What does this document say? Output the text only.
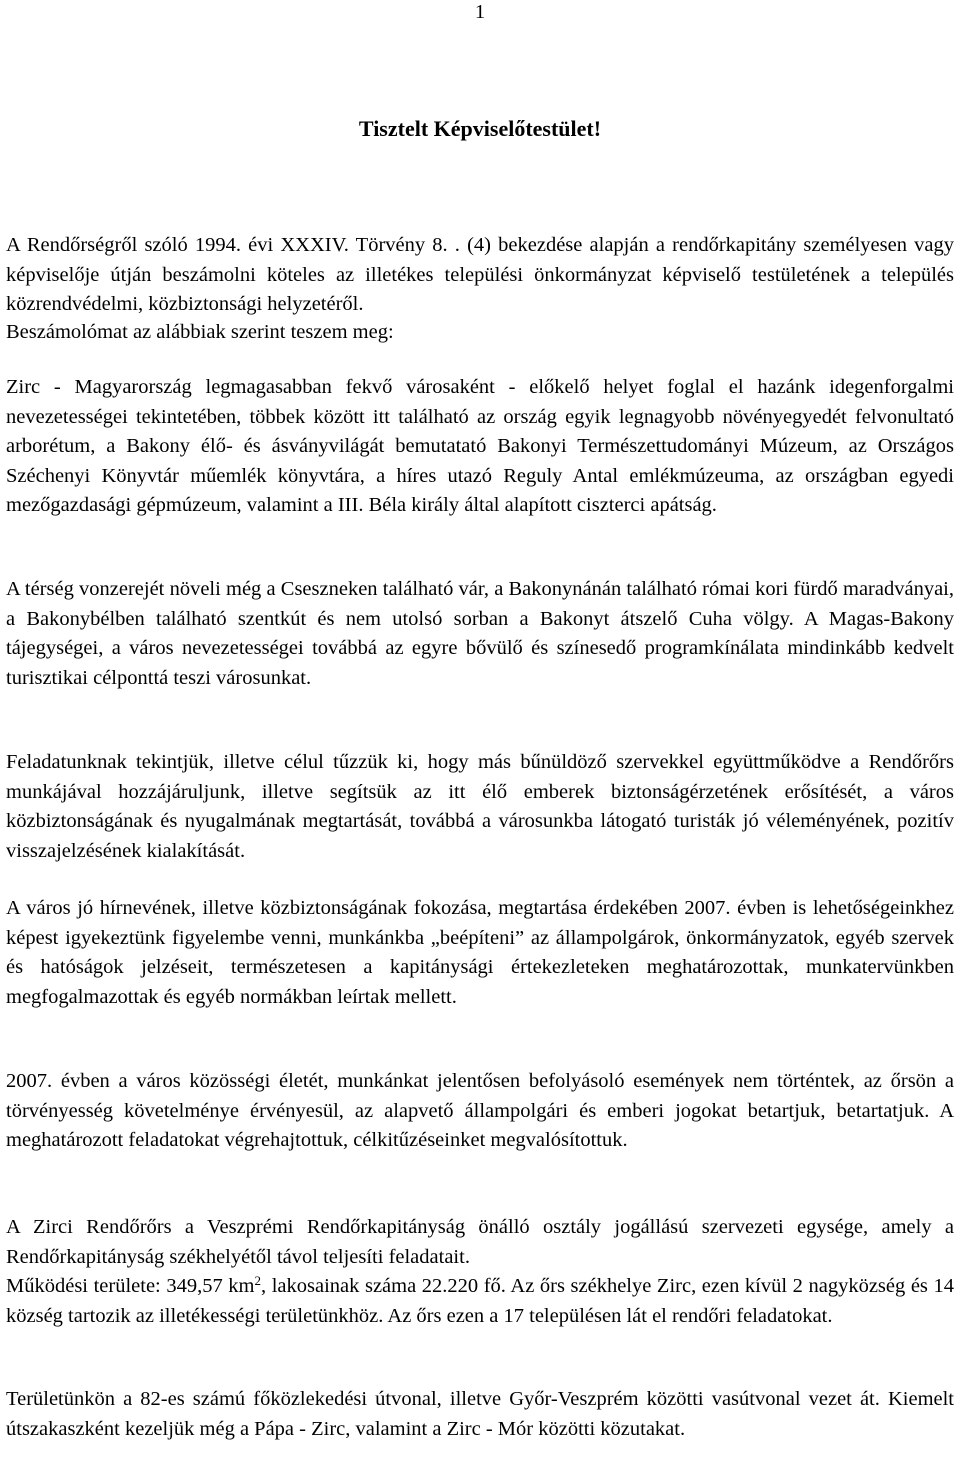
1
Tisztelt Képviselőtestület!

A Rendőrségről szóló 1994. évi XXXIV. Törvény 8. . (4) bekezdése alapján a rendőrkapitány személyesen vagy képviselője útján beszámolni köteles az illetékes települési önkormányzat képviselő testületének a település közrendvédelmi, közbiztonsági helyzetéről.

Beszámolómat az alábbiak szerint teszem meg:

Zirc - Magyarország legmagasabban fekvő városaként - előkelő helyet foglal el hazánk idegenforgalmi nevezetességei tekintetében, többek között itt található az ország egyik legnagyobb növényegyedét felvonultató arborétum, a Bakony élő- és ásványvilágát bemutatató Bakonyi Természettudományi Múzeum, az Országos Széchenyi Könyvtár műemlék könyvtára, a híres utazó Reguly Antal emlékmúzeuma, az országban egyedi mezőgazdasági gépmúzeum, valamint a III. Béla király által alapított ciszterci apátság.

A térség vonzerejét növeli még a Csesznеken található vár, a Bakonynánán található római kori fürdő maradványai, a Bakonybélben található szentkút és nem utolsó sorban a Bakonyt átszelő Cuha völgy. A Magas-Bakony tájegységei, a város nevezetességei továbbá az egyre bővülő és színesedő programkínálata mindinkább kedvelt turisztikai célponttá teszi városunkat.

Feladatunknak tekintjük, illetve célul tűzzük ki, hogy más bűnüldöző szervekkel együttműködve a Rendőrőrs munkájával hozzájáruljunk, illetve segítsük az itt élő emberek biztonságérzetének erősítését, a város közbiztonságának és nyugalmának megtartását, továbbá a városunkba látogató turisták jó véleményének, pozitív visszajelzésének kialakítását.

A város jó hírnevének, illetve közbiztonságának fokozása, megtartása érdekében 2007. évben is lehetőségeinkhez képest igyekeztünk figyelembe venni, munkánkba „beépíteni” az állampolgárok, önkormányzatok, egyéb szervek és hatóságok jelzéseit, természetesen a kapitánysági értekezleteken meghatározottak, munkatervünkben megfogalmazottak és egyéb normákban leírtak mellett.

2007. évben a város közösségi életét, munkánkat jelentősen befolyásoló események nem történtek, az őrsön a törvényesség követelménye érvényesül, az alapvető állampolgári és emberi jogokat betartjuk, betartatjuk. A meghatározott feladatokat végrehajtottuk, célkitűzéseinket megvalósítottuk.

A Zirci Rendőrőrs a Veszprémi Rendőrkapitányság önálló osztály jogállású szervezeti egysége, amely a Rendőrkapitányság székhelyétől távol teljesíti feladatait.
Működési területe: 349,57 $km^2$, lakosainak száma 22.220 fő. Az őrs székhelye Zirc, ezen kívül 2 nagyközség és 14 község tartozik az illetékességi területünkhöz. Az őrs ezen a 17 településen lát el rendőri feladatokat.

Területünkön a 82-es számú főközlekedési útvonal, illetve Győr-Veszprém közötti vasútvonal vezet át. Kiemelt útszakaszként kezeljük még a Pápa - Zirc, valamint a Zirc - Mór közötti közutakat.
